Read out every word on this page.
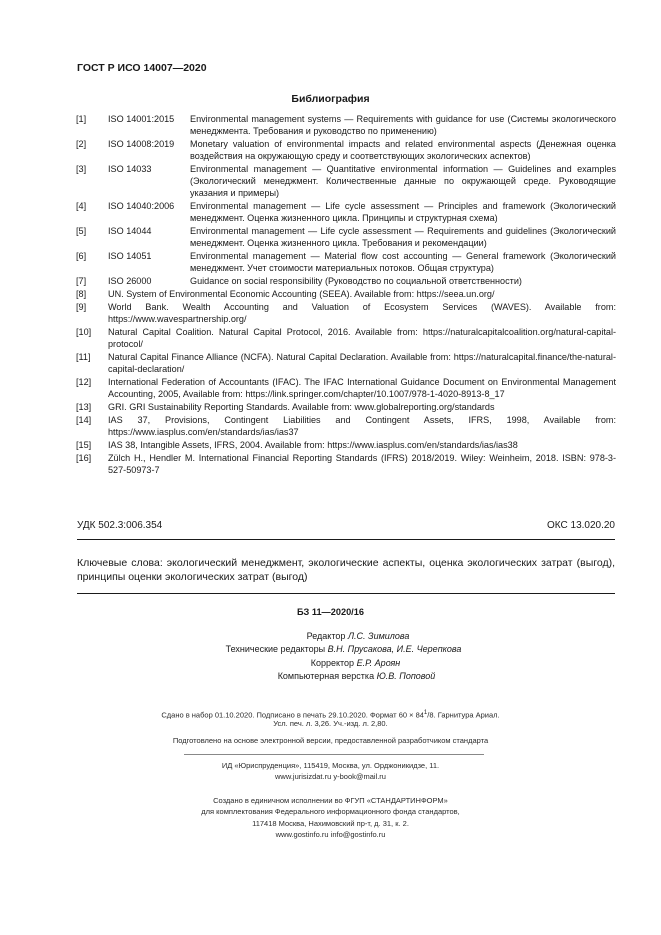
ГОСТ Р ИСО 14007—2020
Библиография
[1]	ISO 14001:2015	Environmental management systems — Requirements with guidance for use (Системы экологического менеджмента. Требования и руководство по применению)
[2]	ISO 14008:2019	Monetary valuation of environmental impacts and related environmental aspects (Денежная оценка воздействия на окружающую среду и соответствующих экологических аспектов)
[3]	ISO 14033	Environmental management — Quantitative environmental information — Guidelines and examples (Экологический менеджмент. Количественные данные по окружающей среде. Руководящие указания и примеры)
[4]	ISO 14040:2006	Environmental management — Life cycle assessment — Principles and framework (Экологический менеджмент. Оценка жизненного цикла. Принципы и структурная схема)
[5]	ISO 14044	Environmental management — Life cycle assessment — Requirements and guidelines (Экологический менеджмент. Оценка жизненного цикла. Требования и рекомендации)
[6]	ISO 14051	Environmental management — Material flow cost accounting — General framework (Экологический менеджмент. Учет стоимости материальных потоков. Общая структура)
[7]	ISO 26000	Guidance on social responsibility (Руководство по социальной ответственности)
[8]	UN. System of Environmental Economic Accounting (SEEA). Available from: https://seea.un.org/
[9]	World Bank. Wealth Accounting and Valuation of Ecosystem Services (WAVES). Available from: https://www.wavespartnership.org/
[10]	Natural Capital Coalition. Natural Capital Protocol, 2016. Available from: https://naturalcapitalcoalition.org/natural-capital-protocol/
[11]	Natural Capital Finance Alliance (NCFA). Natural Capital Declaration. Available from: https://naturalcapital.finance/the-natural-capital-declaration/
[12]	International Federation of Accountants (IFAC). The IFAC International Guidance Document on Environmental Management Accounting, 2005, Available from: https://link.springer.com/chapter/10.1007/978-1-4020-8913-8_17
[13]	GRI. GRI Sustainability Reporting Standards. Available from: www.globalreporting.org/standards
[14]	IAS 37, Provisions, Contingent Liabilities and Contingent Assets, IFRS, 1998, Available from: https://www.iasplus.com/en/standards/ias/ias37
[15]	IAS 38, Intangible Assets, IFRS, 2004. Available from: https://www.iasplus.com/en/standards/ias/ias38
[16]	Zülch H., Hendler M. International Financial Reporting Standards (IFRS) 2018/2019. Wiley: Weinheim, 2018. ISBN: 978-3-527-50973-7
УДК 502.3:006.354	ОКС 13.020.20
Ключевые слова: экологический менеджмент, экологические аспекты, оценка экологических затрат (выгод), принципы оценки экологических затрат (выгод)
БЗ 11—2020/16
Редактор Л.С. Зимилова
Технические редакторы В.Н. Прусакова, И.Е. Черепкова
Корректор Е.Р. Ароян
Компьютерная верстка Ю.В. Поповой
Сдано в набор 01.10.2020. Подписано в печать 29.10.2020. Формат $60 \times 84^1/8$. Гарнитура Ариал.
Усл. печ. л. 3,26. Уч.-изд. л. 2,80.
Подготовлено на основе электронной версии, предоставленной разработчиком стандарта
ИД «Юриспруденция», 115419, Москва, ул. Орджоникидзе, 11.
www.jurisizdat.ru y-book@mail.ru
Создано в единичном исполнении во ФГУП «СТАНДАРТИНФОРМ»
для комплектования Федерального информационного фонда стандартов,
117418 Москва, Нахимовский пр-т, д. 31, к. 2.
www.gostinfo.ru info@gostinfo.ru
